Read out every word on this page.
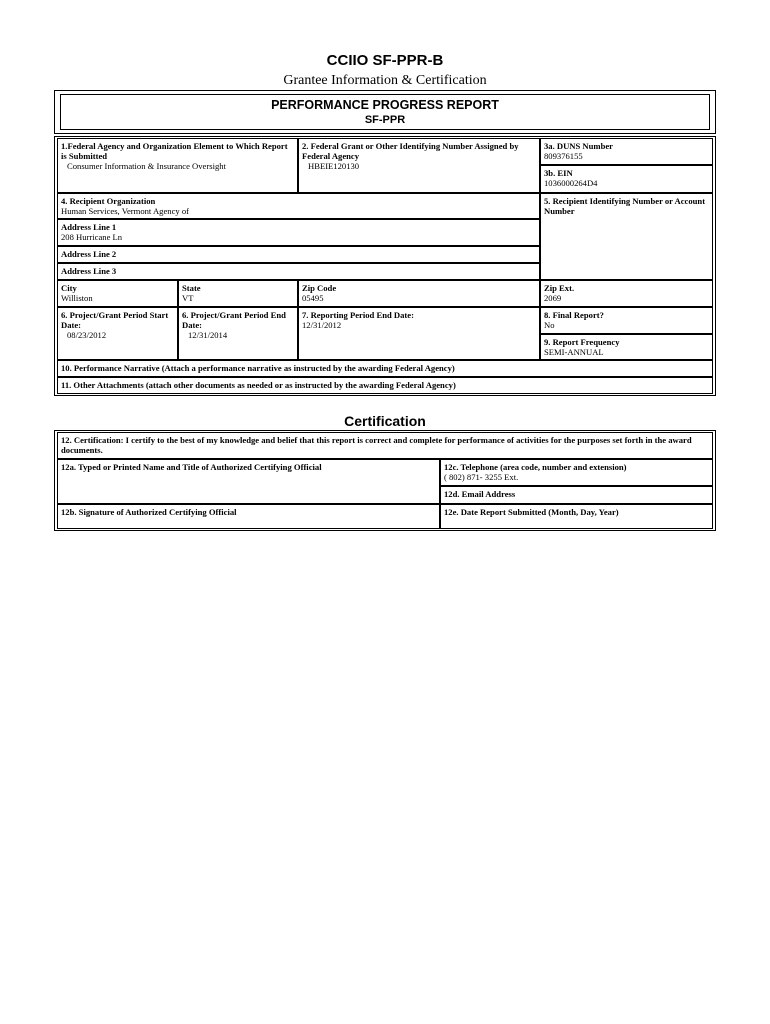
CCIIO SF-PPR-B
Grantee Information & Certification
PERFORMANCE PROGRESS REPORT
SF-PPR
1.Federal Agency and Organization Element to Which Report is Submitted
Consumer Information & Insurance Oversight
2. Federal Grant or Other Identifying Number Assigned by Federal Agency
HBEIE120130
3a. DUNS Number
809376155
3b. EIN
1036000264D4
4. Recipient Organization
Human Services, Vermont Agency of
5. Recipient Identifying Number or Account Number
Address Line 1
208 Hurricane Ln
Address Line 2
Address Line 3
City
Williston
State
VT
Zip Code
05495
Zip Ext.
2069
6. Project/Grant Period Start Date:
08/23/2012
6. Project/Grant Period End Date:
12/31/2014
7. Reporting Period End Date:
12/31/2012
8. Final Report?
No
9. Report Frequency
SEMI-ANNUAL
10. Performance Narrative (Attach a performance narrative as instructed by the awarding Federal Agency)
11. Other Attachments (attach other documents as needed or as instructed by the awarding Federal Agency)
Certification
12. Certification: I certify to the best of my knowledge and belief that this report is correct and complete for performance of activities for the purposes set forth in the award documents.
12a. Typed or Printed Name and Title of Authorized Certifying Official	12c. Telephone (area code, number and extension)
( 802) 871- 3255 Ext.
12d. Email Address
12b. Signature of Authorized Certifying Official	12e. Date Report Submitted (Month, Day, Year)
